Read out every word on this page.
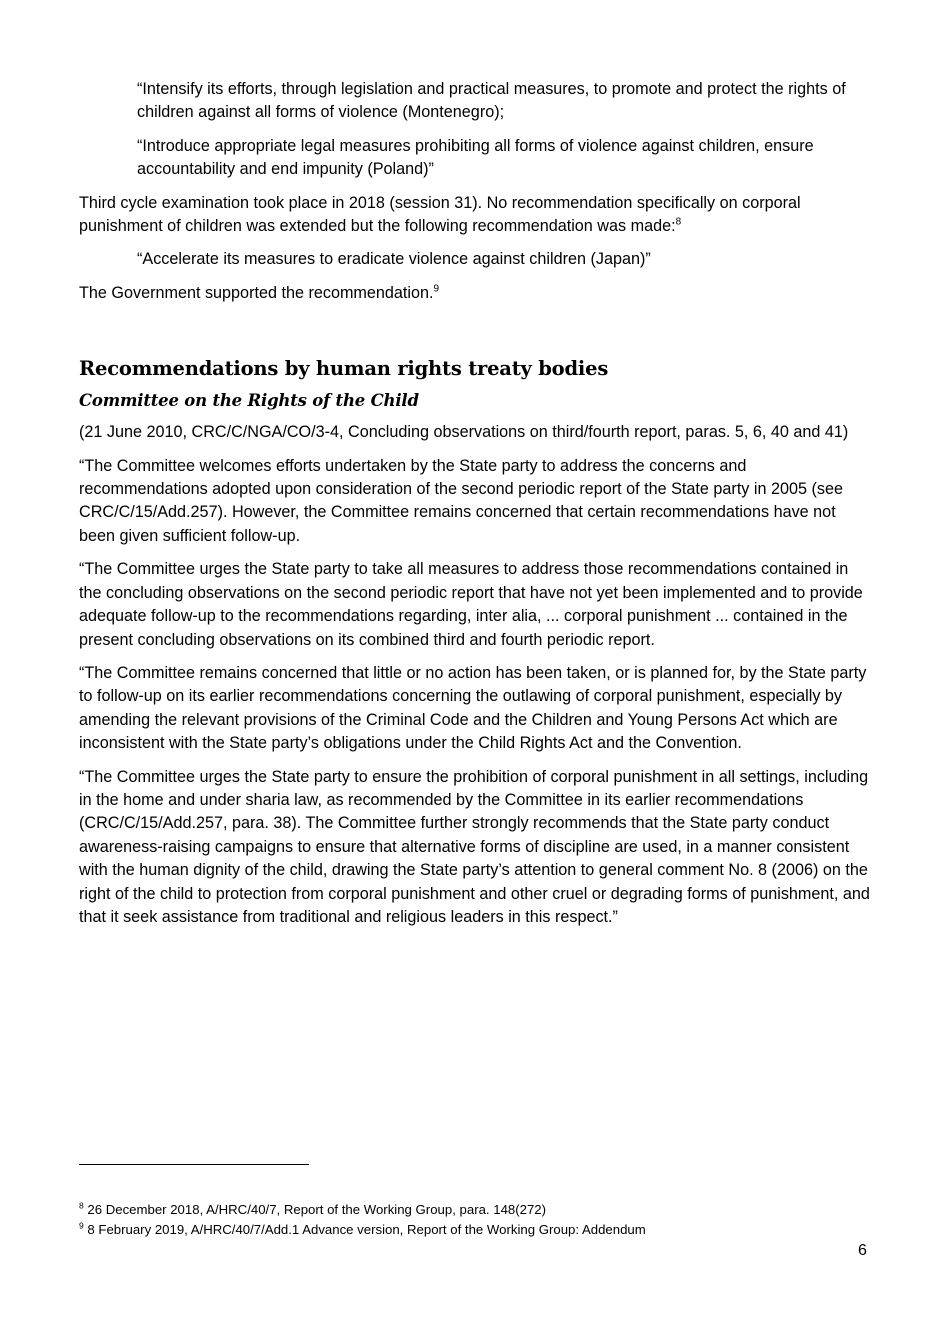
“Intensify its efforts, through legislation and practical measures, to promote and protect the rights of children against all forms of violence (Montenegro);

“Introduce appropriate legal measures prohibiting all forms of violence against children, ensure accountability and end impunity (Poland)”

Third cycle examination took place in 2018 (session 31). No recommendation specifically on corporal punishment of children was extended but the following recommendation was made:$^8$

“Accelerate its measures to eradicate violence against children (Japan)”

The Government supported the recommendation.$^9$

Recommendations by human rights treaty bodies
Committee on the Rights of the Child

(21 June 2010, CRC/C/NGA/CO/3-4, Concluding observations on third/fourth report, paras. 5, 6, 40 and 41)

“The Committee welcomes efforts undertaken by the State party to address the concerns and recommendations adopted upon consideration of the second periodic report of the State party in 2005 (see CRC/C/15/Add.257). However, the Committee remains concerned that certain recommendations have not been given sufficient follow-up.

“The Committee urges the State party to take all measures to address those recommendations contained in the concluding observations on the second periodic report that have not yet been implemented and to provide adequate follow-up to the recommendations regarding, inter alia, ... corporal punishment ... contained in the present concluding observations on its combined third and fourth periodic report.

“The Committee remains concerned that little or no action has been taken, or is planned for, by the State party to follow-up on its earlier recommendations concerning the outlawing of corporal punishment, especially by amending the relevant provisions of the Criminal Code and the Children and Young Persons Act which are inconsistent with the State party’s obligations under the Child Rights Act and the Convention.

“The Committee urges the State party to ensure the prohibition of corporal punishment in all settings, including in the home and under sharia law, as recommended by the Committee in its earlier recommendations (CRC/C/15/Add.257, para. 38). The Committee further strongly recommends that the State party conduct awareness-raising campaigns to ensure that alternative forms of discipline are used, in a manner consistent with the human dignity of the child, drawing the State party’s attention to general comment No. 8 (2006) on the right of the child to protection from corporal punishment and other cruel or degrading forms of punishment, and that it seek assistance from traditional and religious leaders in this respect.”

$^8$ 26 December 2018, A/HRC/40/7, Report of the Working Group, para. 148(272)

$^9$ 8 February 2019, A/HRC/40/7/Add.1 Advance version, Report of the Working Group: Addendum

6
